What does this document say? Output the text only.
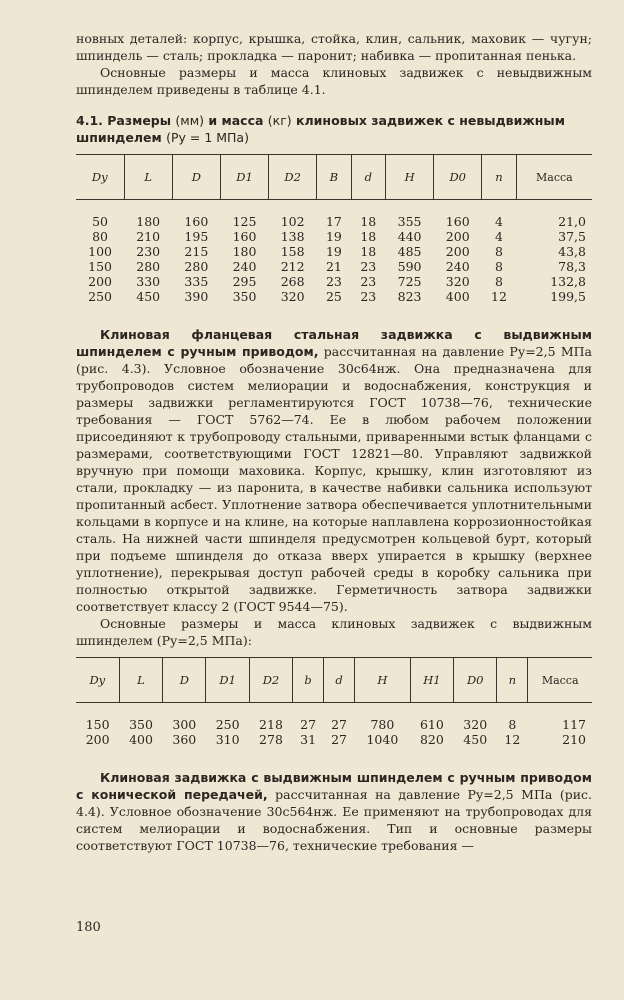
новных деталей: корпус, крышка, стойка, клин, сальник, маховик — чугун; шпиндель — сталь; прокладка — паронит; набивка — пропитанная пенька.

Основные размеры и масса клиновых задвижек с невыдвижным шпинделем приведены в таблице 4.1.

4.1. Размеры (мм) и масса (кг) клиновых задвижек с невыдвижным шпинделем (Pу = 1 МПа)
Dу	L	D	D1	D2	B	d	H	D0	n	Масса
50	180	160	125	102	17	18	355	160	4	21,0
80	210	195	160	138	19	18	440	200	4	37,5
100	230	215	180	158	19	18	485	200	8	43,8
150	280	280	240	212	21	23	590	240	8	78,3
200	330	335	295	268	23	23	725	320	8	132,8
250	450	390	350	320	25	23	823	400	12	199,5

Клиновая фланцевая стальная задвижка с выдвижным шпинделем с ручным приводом, рассчитанная на давление Pу=2,5 МПа (рис. 4.3). Условное обозначение 30с64нж. Она предназначена для трубопроводов систем мелиорации и водоснабжения, конструкция и размеры задвижки регламентируются ГОСТ 10738—76, технические требования — ГОСТ 5762—74. Ее в любом рабочем положении присоединяют к трубопроводу стальными, приваренными встык фланцами с размерами, соответствующими ГОСТ 12821—80. Управляют задвижкой вручную при помощи маховика. Корпус, крышку, клин изготовляют из стали, прокладку — из паронита, в качестве набивки сальника используют пропитанный асбест. Уплотнение затвора обеспечивается уплотнительными кольцами в корпусе и на клине, на которые наплавлена коррозионностойкая сталь. На нижней части шпинделя предусмотрен кольцевой бурт, который при подъеме шпинделя до отказа вверх упирается в крышку (верхнее уплотнение), перекрывая доступ рабочей среды в коробку сальника при полностью открытой задвижке. Герметичность затвора задвижки соответствует классу 2 (ГОСТ 9544—75).

Основные размеры и масса клиновых задвижек с выдвижным шпинделем (Pу=2,5 МПа):

Dу	L	D	D1	D2	b	d	H	H1	D0	n	Масса
150	350	300	250	218	27	27	780	610	320	8	117
200	400	360	310	278	31	27	1040	820	450	12	210

Клиновая задвижка с выдвижным шпинделем с ручным приводом с конической передачей, рассчитанная на давление Pу=2,5 МПа (рис. 4.4). Условное обозначение 30с564нж. Ее применяют на трубопроводах для систем мелиорации и водоснабжения. Тип и основные размеры соответствуют ГОСТ 10738—76, технические требования —

180
